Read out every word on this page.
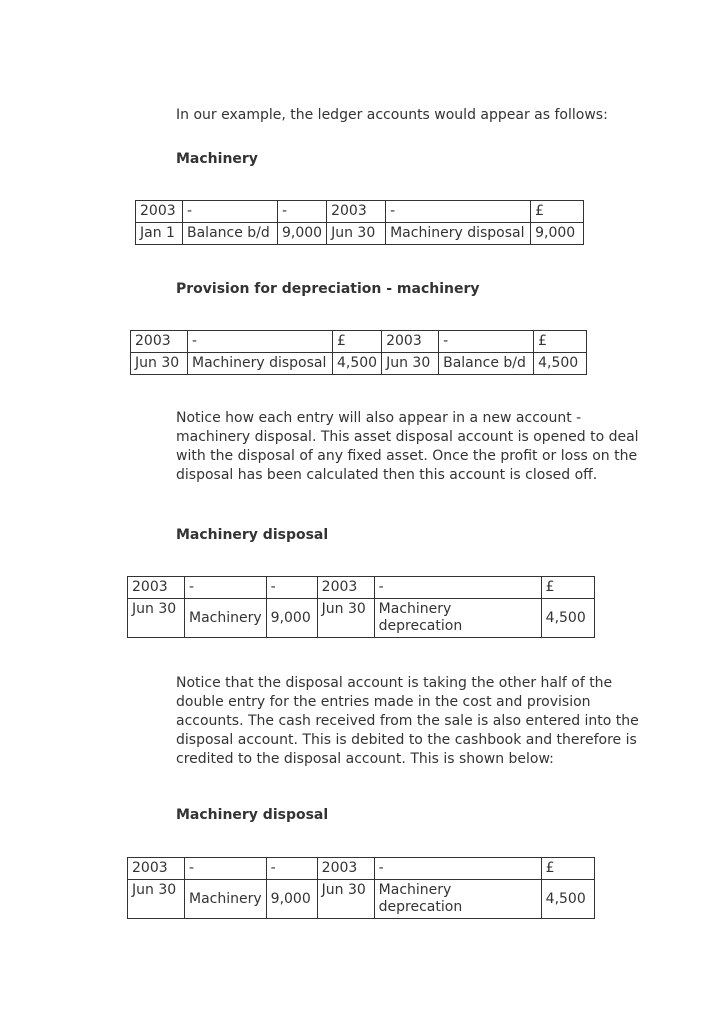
In our example, the ledger accounts would appear as follows:

Machinery

2003	-	-	2003	-	£
Jan 1	Balance b/d	9,000	Jun 30	Machinery disposal	9,000

Provision for depreciation - machinery

2003	-	£	2003	-	£
Jun 30	Machinery disposal	4,500	Jun 30	Balance b/d	4,500

Notice how each entry will also appear in a new account - machinery disposal. This asset disposal account is opened to deal with the disposal of any fixed asset. Once the profit or loss on the disposal has been calculated then this account is closed off.

Machinery disposal

2003	-	-	2003	-	£
Jun 30	Machinery	9,000	Jun 30	Machinery deprecation	4,500

Notice that the disposal account is taking the other half of the double entry for the entries made in the cost and provision accounts. The cash received from the sale is also entered into the disposal account. This is debited to the cashbook and therefore is credited to the disposal account. This is shown below:

Machinery disposal

2003	-	-	2003	-	£
Jun 30	Machinery	9,000	Jun 30	Machinery deprecation	4,500
